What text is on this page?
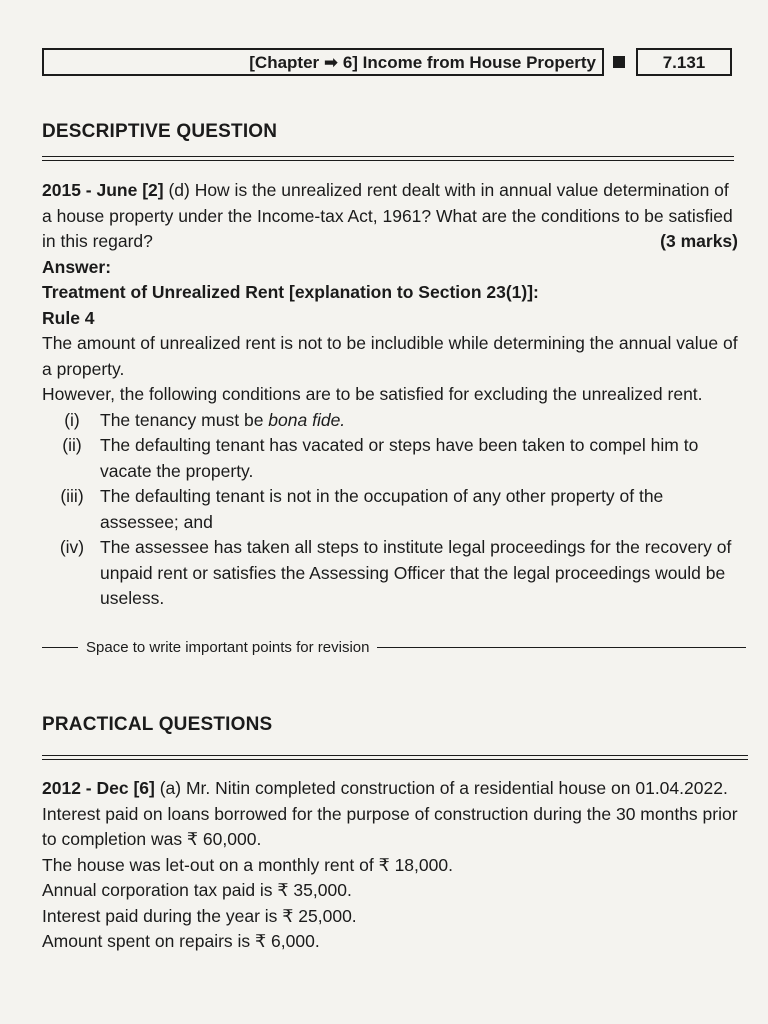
[Chapter ➡ 6] Income from House Property	7.131
DESCRIPTIVE QUESTION

2015 - June [2] (d) How is the unrealized rent dealt with in annual value determination of a house property under the Income-tax Act, 1961? What are the conditions to be satisfied in this regard?	(3 marks)

Answer:

Treatment of Unrealized Rent [explanation to Section 23(1)]:

Rule 4

The amount of unrealized rent is not to be includible while determining the annual value of a property.

However, the following conditions are to be satisfied for excluding the unrealized rent.

(i)	The tenancy must be bona fide.
(ii)	The defaulting tenant has vacated or steps have been taken to compel him to vacate the property.
(iii) The defaulting tenant is not in the occupation of any other property of the assessee; and
(iv) The assessee has taken all steps to institute legal proceedings for the recovery of unpaid rent or satisfies the Assessing Officer that the legal proceedings would be useless.
Space to write important points for revision
PRACTICAL QUESTIONS

2012 - Dec [6] (a) Mr. Nitin completed construction of a residential house on 01.04.2022.

Interest paid on loans borrowed for the purpose of construction during the 30 months prior to completion was ₹ 60,000.

The house was let-out on a monthly rent of ₹ 18,000.

Annual corporation tax paid is ₹ 35,000.

Interest paid during the year is ₹ 25,000.

Amount spent on repairs is ₹ 6,000.
